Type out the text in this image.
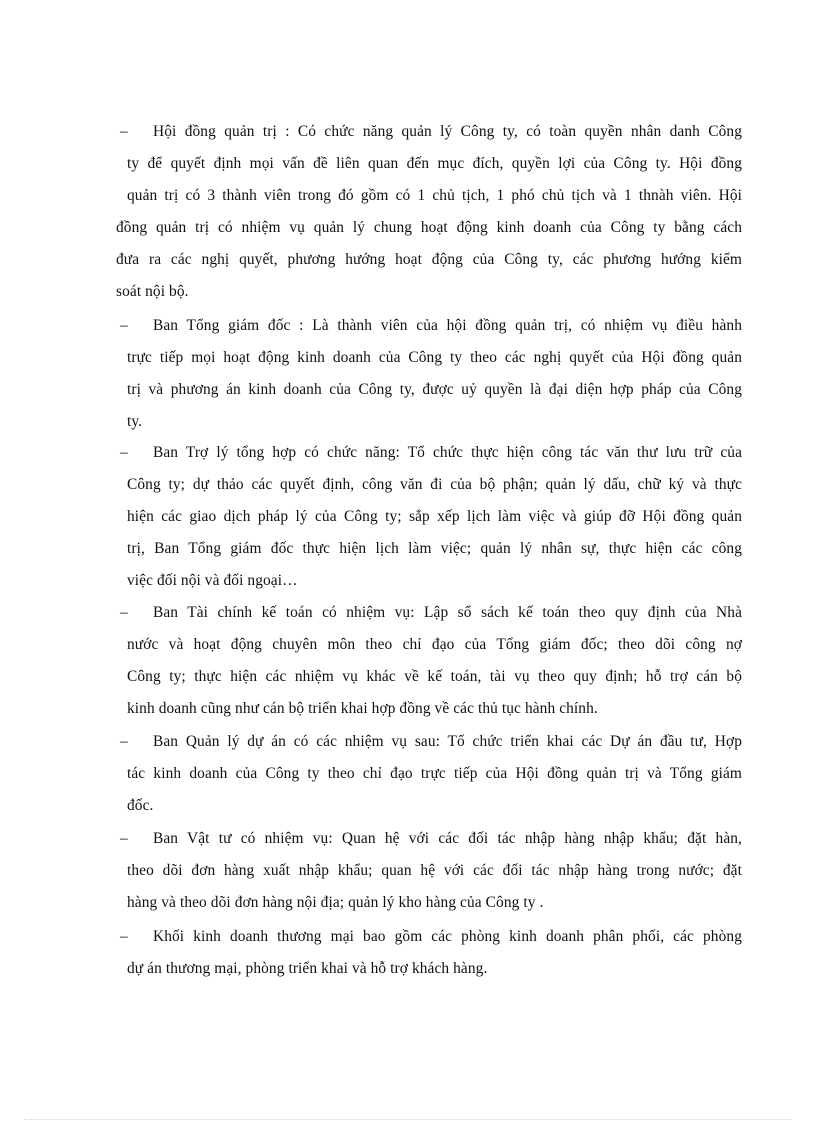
–	Hội đồng quản trị : Có chức năng quản lý Công ty, có toàn quyền nhân danh Công
ty để quyết định mọi vấn đề liên quan đến mục đích, quyền lợi của Công ty. Hội đồng
quản trị có 3 thành viên trong đó gồm có 1 chủ tịch, 1 phó chủ tịch và 1 thnàh viên. Hội
đồng quản trị có nhiệm vụ quản lý chung hoạt động kinh doanh của Công ty bằng cách
đưa ra các nghị quyết, phương hướng hoạt động của Công ty, các phương hướng kiểm
soát nội bộ.
–	Ban Tổng giám đốc : Là thành viên của hội đồng quản trị, có nhiệm vụ điều hành
trực tiếp mọi hoạt động kinh doanh của Công ty theo các nghị quyết của Hội đồng quản
trị và phương án kinh doanh của Công ty, được uỷ quyền là đại diện hợp pháp của Công
ty.
–	Ban Trợ lý tổng hợp có chức năng: Tổ chức thực hiện công tác văn thư lưu trữ của
Công ty; dự thảo các quyết định, công văn đi của bộ phận; quản lý dấu, chữ ký và thực
hiện các giao dịch pháp lý của Công ty; sắp xếp lịch làm việc và giúp đỡ Hội đồng quản
trị, Ban Tổng giám đốc thực hiện lịch làm việc; quản lý nhân sự, thực hiện các công
việc đối nội và đối ngoại…
–	Ban Tài chính kế toán có nhiệm vụ: Lập sổ sách kế toán theo quy định của Nhà
nước và hoạt động chuyên môn theo chỉ đạo của Tổng giám đốc; theo dõi công nợ
Công ty; thực hiện các nhiệm vụ khác về kế toán, tài vụ theo quy định; hỗ trợ cán bộ
kinh doanh cũng như cán bộ triển khai hợp đồng về các thủ tục hành chính.
–	Ban Quản lý dự án có các nhiệm vụ sau: Tổ chức triển khai các Dự án đầu tư, Hợp
tác kinh doanh của Công ty theo chỉ đạo trực tiếp của Hội đồng quản trị và Tổng giám
đốc.
–	Ban Vật tư có nhiệm vụ: Quan hệ với các đối tác nhập hàng nhập khẩu; đặt hàn,
theo dõi đơn hàng xuất nhập khẩu; quan hệ với các đối tác nhập hàng trong nước; đặt
hàng và theo dõi đơn hàng nội địa; quản lý kho hàng của Công ty .
–	Khối kinh doanh thương mại bao gồm các phòng kinh doanh phân phối, các phòng
dự án thương mại, phòng triển khai và hỗ trợ khách hàng.
